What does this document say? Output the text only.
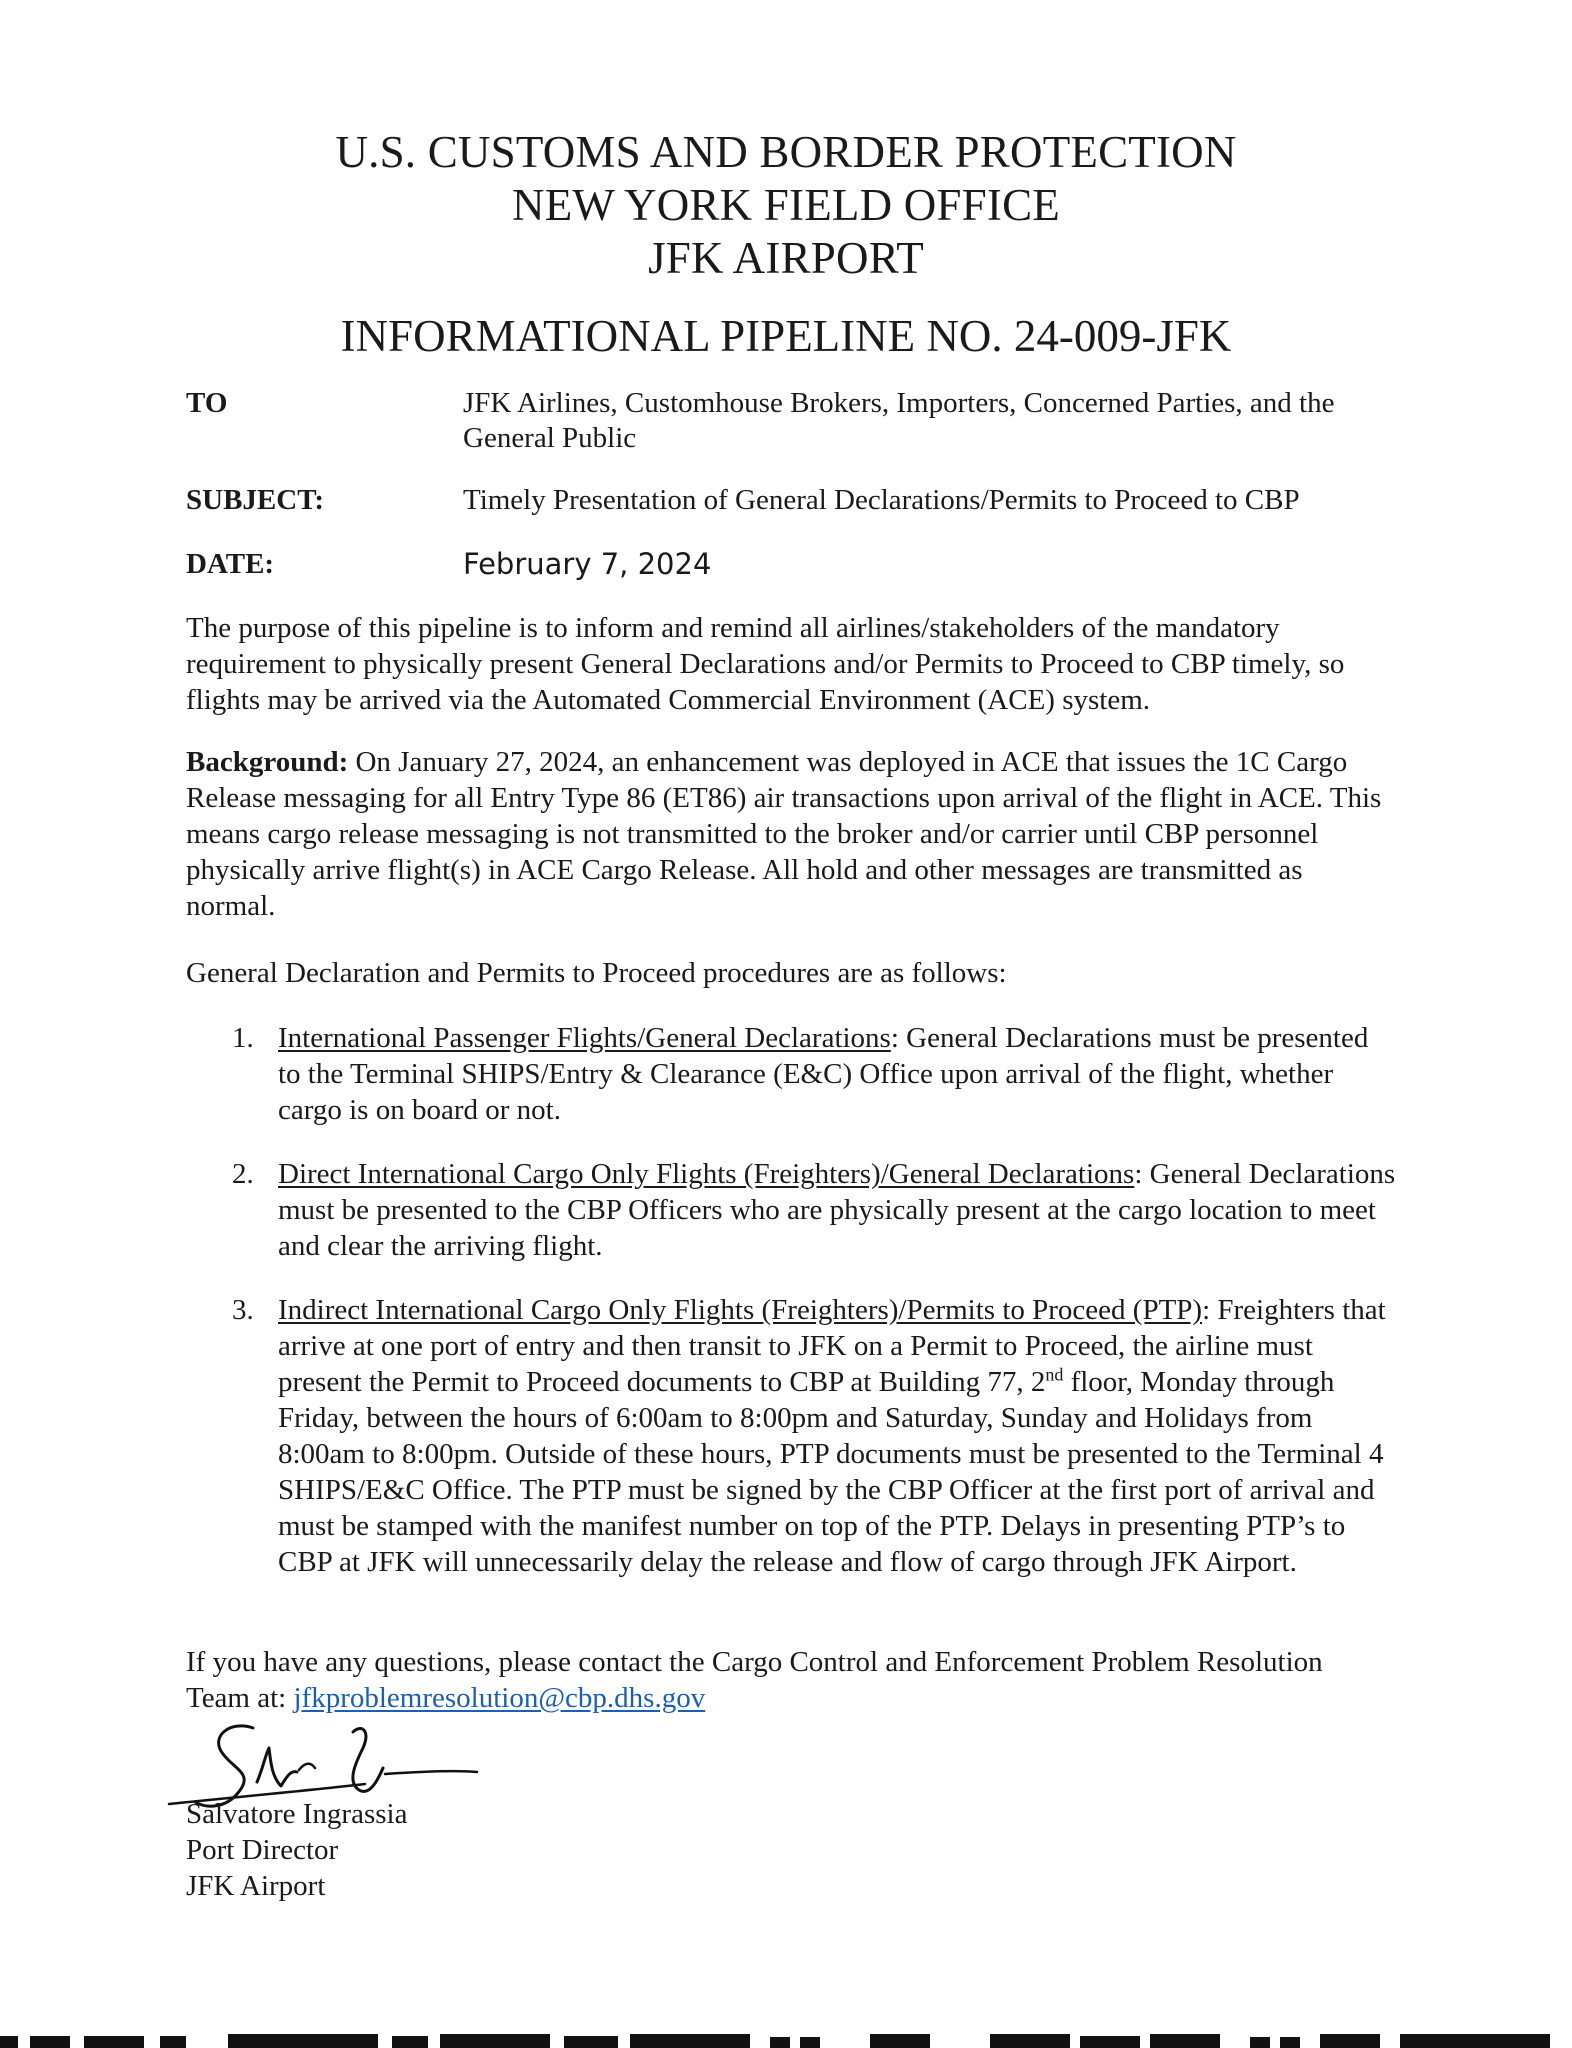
U.S. CUSTOMS AND BORDER PROTECTION
NEW YORK FIELD OFFICE
JFK AIRPORT
INFORMATIONAL PIPELINE NO. 24-009-JFK
TO	JFK Airlines, Customhouse Brokers, Importers, Concerned Parties, and the General Public
SUBJECT:	Timely Presentation of General Declarations/Permits to Proceed to CBP
DATE:	February 7, 2024
The purpose of this pipeline is to inform and remind all airlines/stakeholders of the mandatory requirement to physically present General Declarations and/or Permits to Proceed to CBP timely, so flights may be arrived via the Automated Commercial Environment (ACE) system.
Background: On January 27, 2024, an enhancement was deployed in ACE that issues the 1C Cargo Release messaging for all Entry Type 86 (ET86) air transactions upon arrival of the flight in ACE. This means cargo release messaging is not transmitted to the broker and/or carrier until CBP personnel physically arrive flight(s) in ACE Cargo Release. All hold and other messages are transmitted as normal.
General Declaration and Permits to Proceed procedures are as follows:
1. International Passenger Flights/General Declarations: General Declarations must be presented to the Terminal SHIPS/Entry & Clearance (E&C) Office upon arrival of the flight, whether cargo is on board or not.
2. Direct International Cargo Only Flights (Freighters)/General Declarations: General Declarations must be presented to the CBP Officers who are physically present at the cargo location to meet and clear the arriving flight.
3. Indirect International Cargo Only Flights (Freighters)/Permits to Proceed (PTP): Freighters that arrive at one port of entry and then transit to JFK on a Permit to Proceed, the airline must present the Permit to Proceed documents to CBP at Building 77, 2nd floor, Monday through Friday, between the hours of 6:00am to 8:00pm and Saturday, Sunday and Holidays from 8:00am to 8:00pm. Outside of these hours, PTP documents must be presented to the Terminal 4 SHIPS/E&C Office. The PTP must be signed by the CBP Officer at the first port of arrival and must be stamped with the manifest number on top of the PTP. Delays in presenting PTP’s to CBP at JFK will unnecessarily delay the release and flow of cargo through JFK Airport.
If you have any questions, please contact the Cargo Control and Enforcement Problem Resolution Team at: jfkproblemresolution@cbp.dhs.gov
Salvatore Ingrassia
Port Director
JFK Airport
